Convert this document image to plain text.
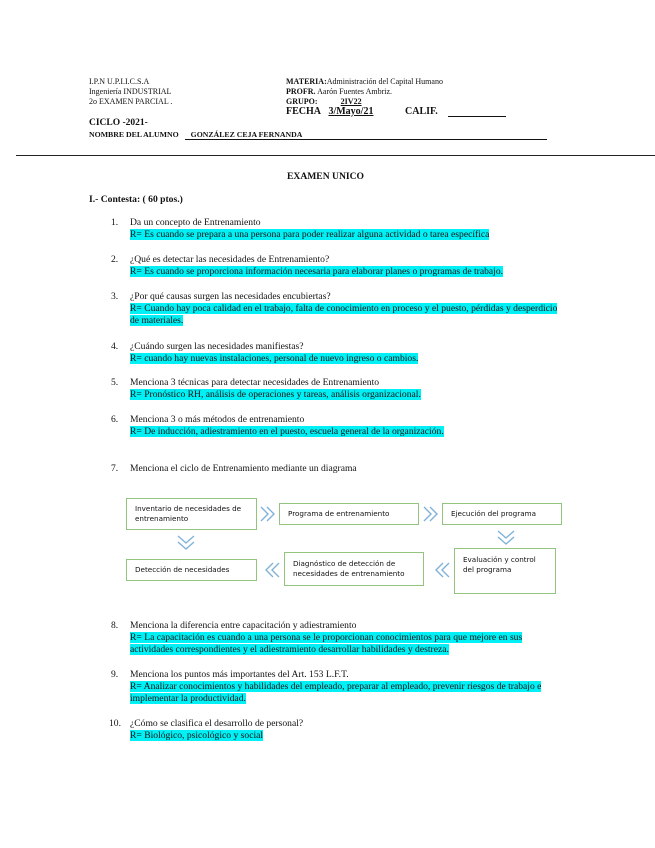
I.P.N U.P.I.I.C.S.A
Ingeniería INDUSTRIAL
2o EXAMEN PARCIAL .
MATERIA:Administración del Capital Humano
PROFR. Aarón Fuentes Ambriz.
GRUPO:	2IV22
FECHA 3/Mayo/21	CALIF.
CICLO -2021-
NOMBRE DEL ALUMNO GONZÁLEZ CEJA FERNANDA
EXAMEN UNICO
I.- Contesta: ( 60 ptos.)
1. Da un concepto de Entrenamiento
R= Es cuando se prepara a una persona para poder realizar alguna actividad o tarea específica
2. ¿Qué es detectar las necesidades de Entrenamiento?
R= Es cuando se proporciona información necesaria para elaborar planes o programas de trabajo.
3. ¿Por qué causas surgen las necesidades encubiertas?
R= Cuando hay poca calidad en el trabajo, falta de conocimiento en proceso y el puesto, pérdidas y desperdicio de materiales.
4. ¿Cuándo surgen las necesidades manifiestas?
R= cuando hay nuevas instalaciones, personal de nuevo ingreso o cambios.
5. Menciona 3 técnicas para detectar necesidades de Entrenamiento
R= Pronóstico RH, análisis de operaciones y tareas, análisis organizacional.
6. Menciona 3 o más métodos de entrenamiento
R= De inducción, adiestramiento en el puesto, escuela general de la organización.
7. Menciona el ciclo de Entrenamiento mediante un diagrama
Inventario de necesidades de entrenamiento
Programa de entrenamiento	Ejecución del programa
Detección de necesidades
Diagnóstico de detección de necesidades de entrenamiento
Evaluación y control del programa
8. Menciona la diferencia entre capacitación y adiestramiento
R= La capacitación es cuando a una persona se le proporcionan conocimientos para que mejore en sus actividades correspondientes y el adiestramiento desarrollar habilidades y destreza.
9. Menciona los puntos más importantes del Art. 153 L.F.T.
R= Analizar conocimientos y habilidades del empleado, preparar al empleado, prevenir riesgos de trabajo e implementar la productividad.
10. ¿Cómo se clasifica el desarrollo de personal?
R= Biológico, psicológico y social
